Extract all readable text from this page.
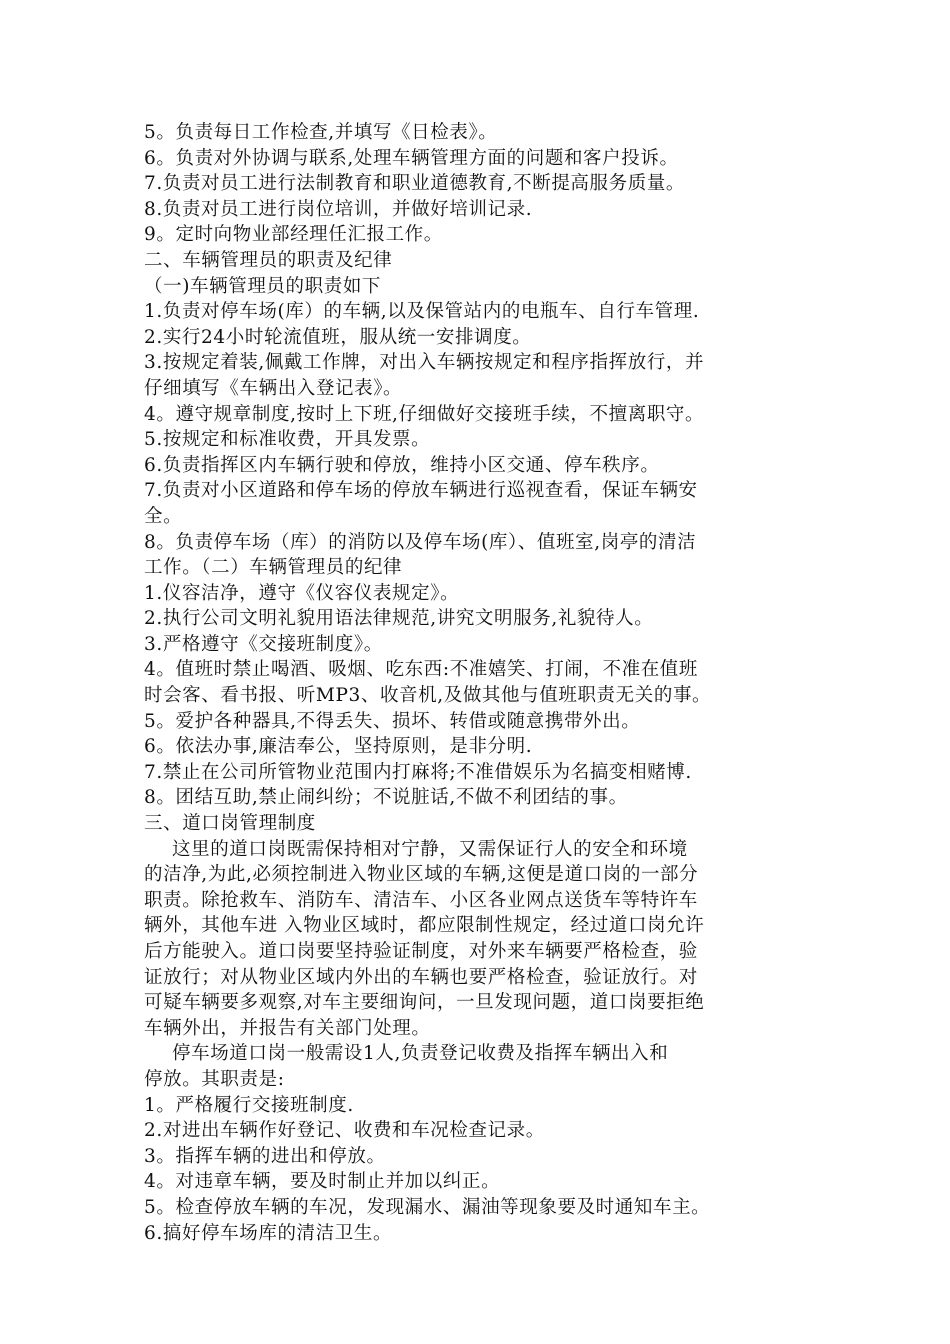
5。负责每日工作检查,并填写《日检表》。
6。负责对外协调与联系,处理车辆管理方面的问题和客户投诉。
7.负责对员工进行法制教育和职业道德教育,不断提高服务质量。
8.负责对员工进行岗位培训，并做好培训记录.
9。定时向物业部经理任汇报工作。
二、车辆管理员的职责及纪律
（一)车辆管理员的职责如下
1.负责对停车场(库）的车辆,以及保管站内的电瓶车、自行车管理.
2.实行24小时轮流值班，服从统一安排调度。
3.按规定着装,佩戴工作牌，对出入车辆按规定和程序指挥放行，并
仔细填写《车辆出入登记表》。
4。遵守规章制度,按时上下班,仔细做好交接班手续，不擅离职守。
5.按规定和标准收费，开具发票。
6.负责指挥区内车辆行驶和停放，维持小区交通、停车秩序。
7.负责对小区道路和停车场的停放车辆进行巡视查看，保证车辆安
全。
8。负责停车场（库）的消防以及停车场(库）、值班室,岗亭的清洁
工作。（二）车辆管理员的纪律
1.仪容洁净，遵守《仪容仪表规定》。
2.执行公司文明礼貌用语法律规范,讲究文明服务,礼貌待人。
3.严格遵守《交接班制度》。
4。值班时禁止喝酒、吸烟、吃东西:不准嬉笑、打闹，不准在值班
时会客、看书报、听MP3、收音机,及做其他与值班职责无关的事。
5。爱护各种器具,不得丢失、损坏、转借或随意携带外出。
6。依法办事,廉洁奉公，坚持原则，是非分明.
7.禁止在公司所管物业范围内打麻将;不准借娱乐为名搞变相赌博.
8。团结互助,禁止闹纠纷；不说脏话,不做不利团结的事。
三、道口岗管理制度
这里的道口岗既需保持相对宁静，又需保证行人的安全和环境
的洁净,为此,必须控制进入物业区域的车辆,这便是道口岗的一部分
职责。除抢救车、消防车、清洁车、小区各业网点送货车等特许车
辆外，其他车进 入物业区域时，都应限制性规定，经过道口岗允许
后方能驶入。道口岗要坚持验证制度，对外来车辆要严格检查，验
证放行；对从物业区域内外出的车辆也要严格检查，验证放行。对
可疑车辆要多观察,对车主要细询问，一旦发现问题，道口岗要拒绝
车辆外出，并报告有关部门处理。
停车场道口岗一般需设1人,负责登记收费及指挥车辆出入和
停放。其职责是:
1。严格履行交接班制度.
2.对进出车辆作好登记、收费和车况检查记录。
3。指挥车辆的进出和停放。
4。对违章车辆，要及时制止并加以纠正。
5。检查停放车辆的车况，发现漏水、漏油等现象要及时通知车主。
6.搞好停车场库的清洁卫生。
